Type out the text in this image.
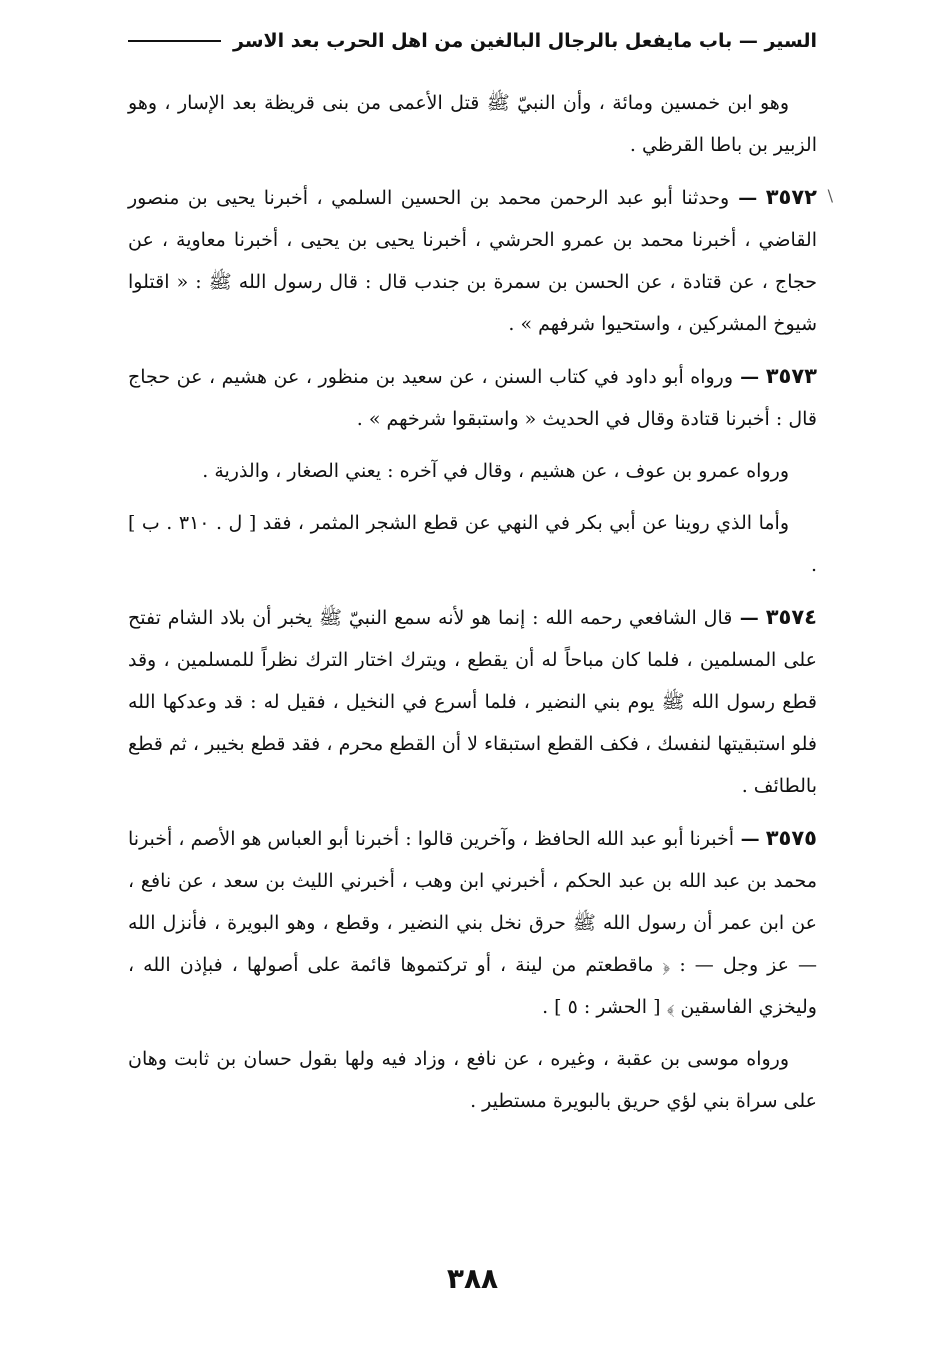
السير — باب مايفعل بالرجال البالغين من اهل الحرب بعد الاسر
\

وهو ابن خمسين ومائة ، وأن النبيّ ﷺ قتل الأعمى من بنى قريظة بعد الإسار ، وهو الزبير بن باطا القرظي .

٣٥٧٢ — وحدثنا أبو عبد الرحمن محمد بن الحسين السلمي ، أخبرنا يحيى بن منصور القاضي ، أخبرنا محمد بن عمرو الحرشي ، أخبرنا يحيى بن يحيى ، أخبرنا معاوية ، عن حجاج ، عن قتادة ، عن الحسن بن سمرة بن جندب قال : قال رسول الله ﷺ : « اقتلوا شيوخ المشركين ، واستحيوا شرفهم » .

٣٥٧٣ — ورواه أبو داود في كتاب السنن ، عن سعيد بن منظور ، عن هشيم ، عن حجاج قال : أخبرنا قتادة وقال في الحديث « واستبقوا شرخهم » .

ورواه عمرو بن عوف ، عن هشيم ، وقال في آخره : يعني الصغار ، والذرية .

وأما الذي روينا عن أبي بكر في النهي عن قطع الشجر المثمر ، فقد [ ل . ٣١٠ . ب ] .

٣٥٧٤ — قال الشافعي رحمه الله : إنما هو لأنه سمع النبيّ ﷺ يخبر أن بلاد الشام تفتح على المسلمين ، فلما كان مباحاً له أن يقطع ، ويترك اختار الترك نظراً للمسلمين ، وقد قطع رسول الله ﷺ يوم بني النضير ، فلما أسرع في النخيل ، فقيل له : قد وعدكها الله فلو استبقيتها لنفسك ، فكف القطع استبقاء لا أن القطع محرم ، فقد قطع بخيبر ، ثم قطع بالطائف .

٣٥٧٥ — أخبرنا أبو عبد الله الحافظ ، وآخرين قالوا : أخبرنا أبو العباس هو الأصم ، أخبرنا محمد بن عبد الله بن عبد الحكم ، أخبرني ابن وهب ، أخبرني الليث بن سعد ، عن نافع ، عن ابن عمر أن رسول الله ﷺ حرق نخل بني النضير ، وقطع ، وهو البويرة ، فأنزل الله — عز وجل — : ﴿ ماقطعتم من لينة ، أو تركتموها قائمة على أصولها ، فبإذن الله ، وليخزي الفاسقين ﴾ [ الحشر : ٥ ] .

ورواه موسى بن عقبة ، وغيره ، عن نافع ، وزاد فيه ولها بقول حسان بن ثابت وهان على سراة بني لؤي حريق بالبويرة مستطير .

٣٨٨
